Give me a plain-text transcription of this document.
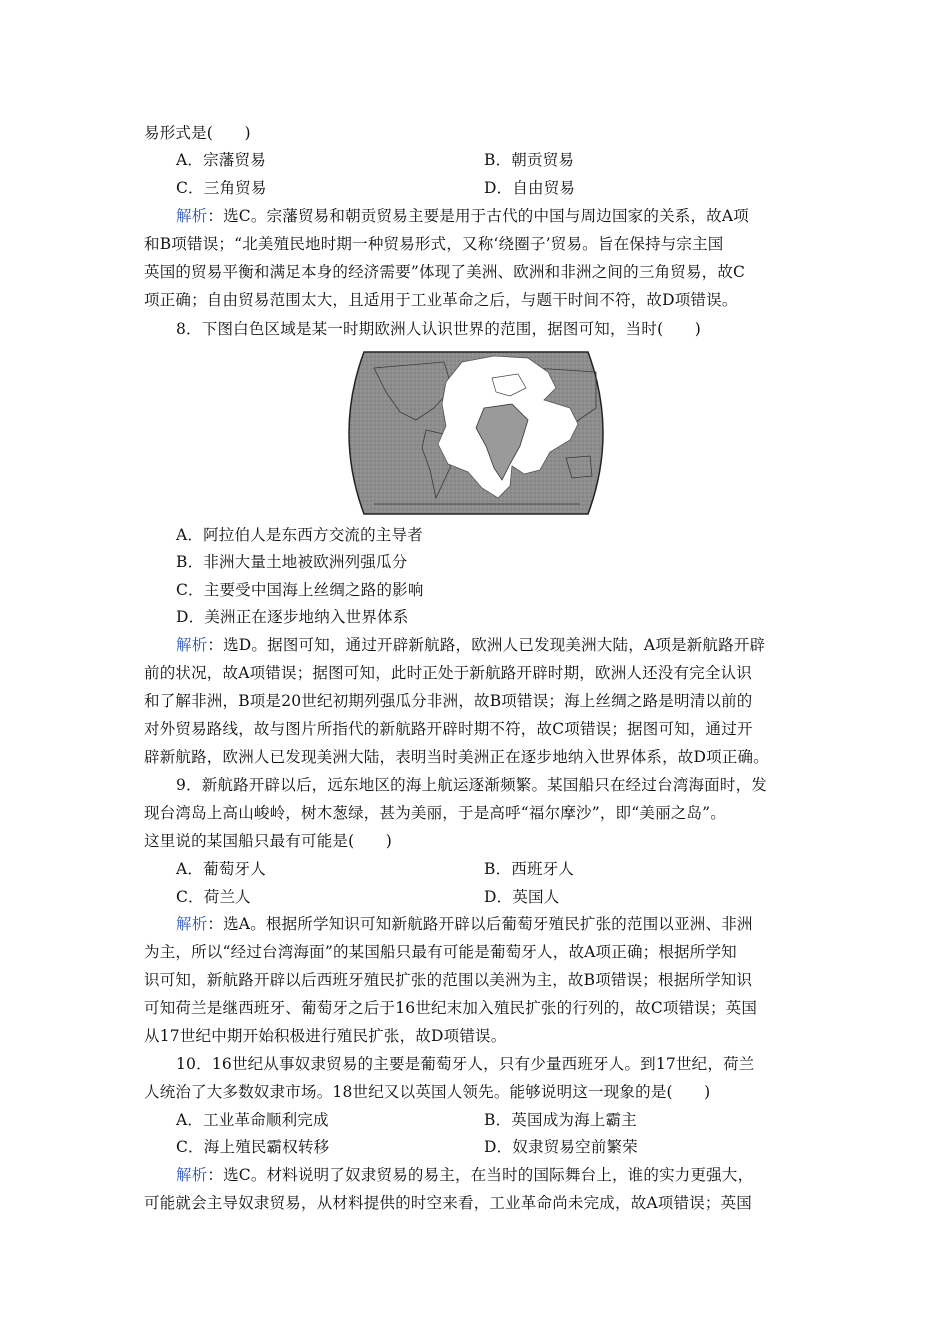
易形式是(　　)
A．宗藩贸易	B．朝贡贸易
C．三角贸易	D．自由贸易
解析：选C。宗藩贸易和朝贡贸易主要是用于古代的中国与周边国家的关系，故A项
和B项错误；“北美殖民地时期一种贸易形式，又称‘绕圈子’贸易。旨在保持与宗主国
英国的贸易平衡和满足本身的经济需要”体现了美洲、欧洲和非洲之间的三角贸易，故C
项正确；自由贸易范围太大，且适用于工业革命之后，与题干时间不符，故D项错误。
8．下图白色区域是某一时期欧洲人认识世界的范围，据图可知，当时(　　)
A．阿拉伯人是东西方交流的主导者
B．非洲大量土地被欧洲列强瓜分
C．主要受中国海上丝绸之路的影响
D．美洲正在逐步地纳入世界体系
解析：选D。据图可知，通过开辟新航路，欧洲人已发现美洲大陆，A项是新航路开辟
前的状况，故A项错误；据图可知，此时正处于新航路开辟时期，欧洲人还没有完全认识
和了解非洲，B项是20世纪初期列强瓜分非洲，故B项错误；海上丝绸之路是明清以前的
对外贸易路线，故与图片所指代的新航路开辟时期不符，故C项错误；据图可知，通过开
辟新航路，欧洲人已发现美洲大陆，表明当时美洲正在逐步地纳入世界体系，故D项正确。
9．新航路开辟以后，远东地区的海上航运逐渐频繁。某国船只在经过台湾海面时，发
现台湾岛上高山峻岭，树木葱绿，甚为美丽，于是高呼“福尔摩沙”，即“美丽之岛”。
这里说的某国船只最有可能是(　　)
A．葡萄牙人	B．西班牙人
C．荷兰人	D．英国人
解析：选A。根据所学知识可知新航路开辟以后葡萄牙殖民扩张的范围以亚洲、非洲
为主，所以“经过台湾海面”的某国船只最有可能是葡萄牙人，故A项正确；根据所学知
识可知，新航路开辟以后西班牙殖民扩张的范围以美洲为主，故B项错误；根据所学知识
可知荷兰是继西班牙、葡萄牙之后于16世纪末加入殖民扩张的行列的，故C项错误；英国
从17世纪中期开始积极进行殖民扩张，故D项错误。
10．16世纪从事奴隶贸易的主要是葡萄牙人，只有少量西班牙人。到17世纪，荷兰
人统治了大多数奴隶市场。18世纪又以英国人领先。能够说明这一现象的是(　　)
A．工业革命顺利完成	B．英国成为海上霸主
C．海上殖民霸权转移	D．奴隶贸易空前繁荣
解析：选C。材料说明了奴隶贸易的易主，在当时的国际舞台上，谁的实力更强大，
可能就会主导奴隶贸易，从材料提供的时空来看，工业革命尚未完成，故A项错误；英国
